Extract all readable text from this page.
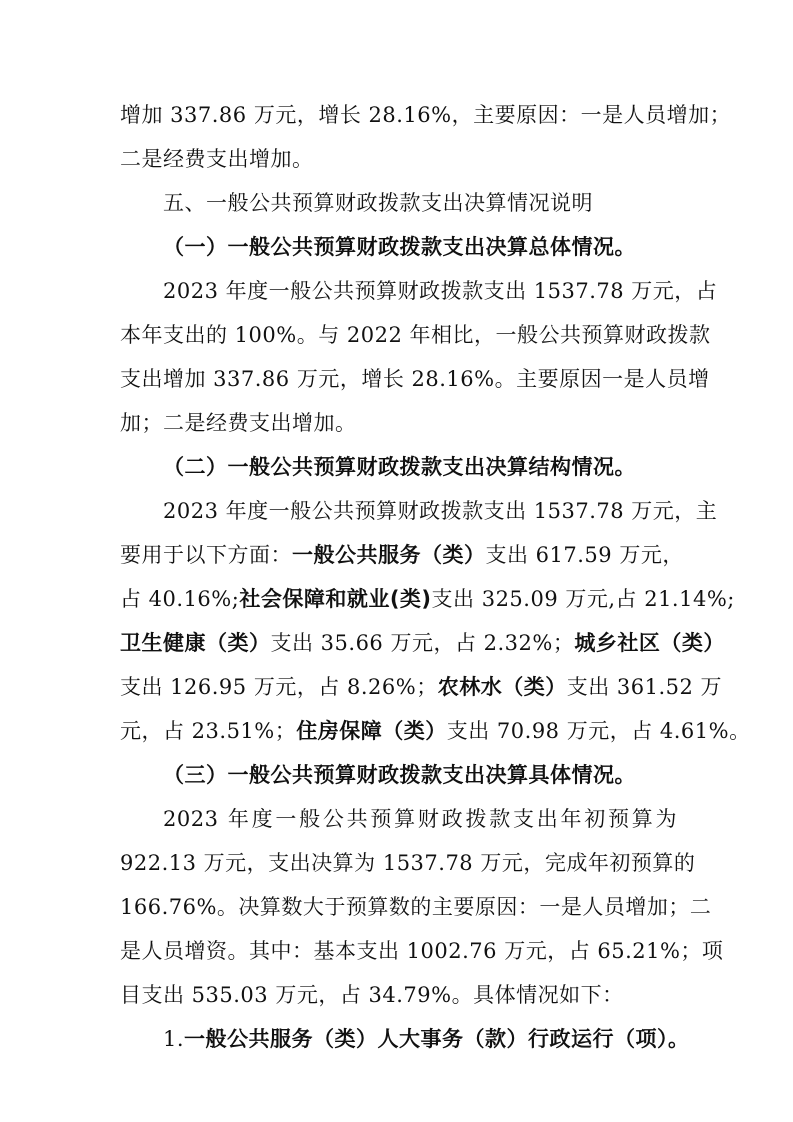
增加 337.86 万元，增长 28.16%，主要原因：一是人员增加；
二是经费支出增加。
五、一般公共预算财政拨款支出决算情况说明
（一）一般公共预算财政拨款支出决算总体情况。
2023 年度一般公共预算财政拨款支出 1537.78 万元，占
本年支出的 100%。与 2022 年相比，一般公共预算财政拨款
支出增加 337.86 万元，增长 28.16%。主要原因一是人员增
加；二是经费支出增加。
（二）一般公共预算财政拨款支出决算结构情况。
2023 年度一般公共预算财政拨款支出 1537.78 万元，主
要用于以下方面： 一般公共服务（类） 支出 617.59 万元，
占 40.16%; 社会保障和就业(类) 支出 325.09 万元,占 21.14%;
卫生健康（类） 支出 35.66 万元，占 2.32%； 城乡社区（类）
支出 126.95 万元，占 8.26%； 农林水（类） 支出 361.52 万
元，占 23.51%； 住房保障（类） 支出 70.98 万元，占 4.61%。
（三）一般公共预算财政拨款支出决算具体情况。
2023 年度一般公共预算财政拨款支出年初预算为
922.13 万元，支出决算为 1537.78 万元，完成年初预算的
166.76%。决算数大于预算数的主要原因：一是人员增加；二
是人员增资。其中：基本支出 1002.76 万元，占 65.21%；项
目支出 535.03 万元，占 34.79%。具体情况如下：
1.一般公共服务（类）人大事务（款）行政运行（项）。
